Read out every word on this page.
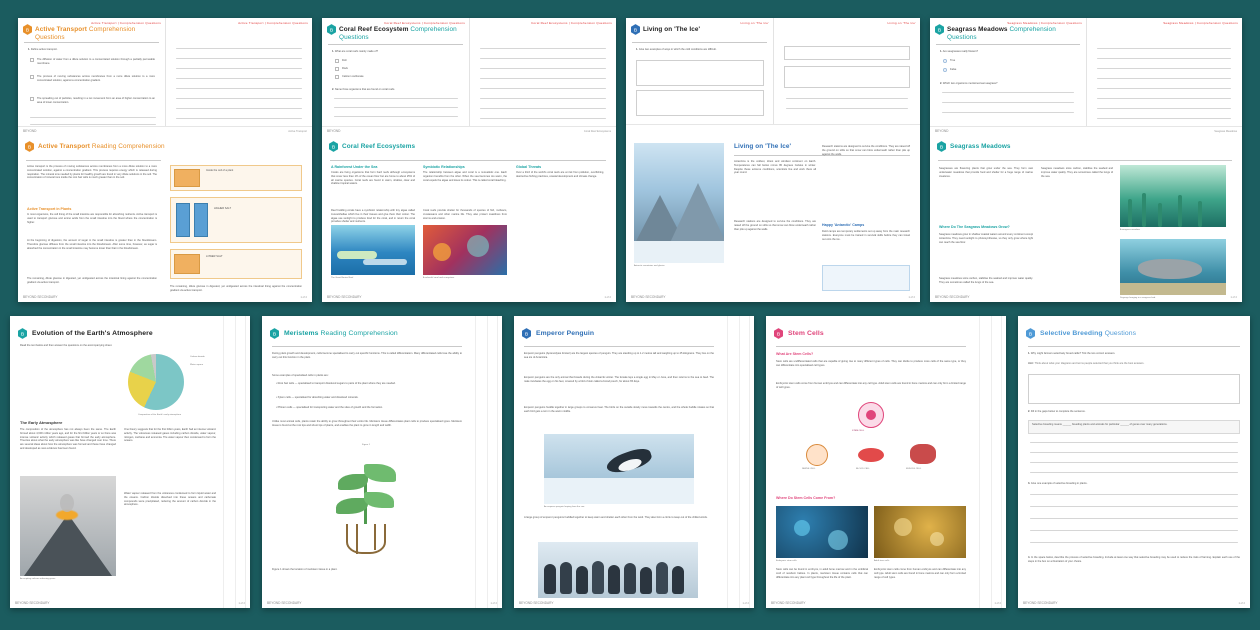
Active Transport | Comprehension Questions
B Active Transport Comprehension Questions
1. Define active transport.
The diffusion of water from a dilute solution to a concentrated solution through a partially permeable membrane.
The process of moving substances across membranes from a more dilute solution to a more concentrated solution, against a concentration gradient.
The spreading out of particles, resulting in a net movement from an area of higher concentration to an area of lower concentration.
Active Transport | Comprehension Questions
BEYOND	Active Transport
B Active Transport Reading Comprehension
Active transport is the process of moving substances across membranes from a more dilute solution to a more concentrated solution, against a concentration gradient. This process requires energy which is released during respiration. The mineral ions needed by plants for healthy growth are found in very dilute solutions in the soil. The concentration of mineral ions inside the root hair cells is much greater than in the soil.
Active Transport in Plants
In most organisms, the cell lining of the small intestine are responsible for absorbing nutrients. Active transport is used to transport glucose and amino acids from the small intestine into the blood where the concentration is higher.
At the beginning of digestion, the amount of sugar in the small intestine is greater than in the bloodstream. Therefore glucose diffuses from the small intestine into the bloodstream. After some time, however, as sugar is absorbed the concentration in the small intestine may become lower than that in the bloodstream.
The remaining, dilute glucose in digested, yet undigested across the intestinal lining against the concentration gradient via active transport.
Inside the cell of a plant
HIGHER SALT
LOWER SALT
The remaining, dilute glucose in digested, yet undigested across the intestinal lining against the concentration gradient via active transport.
BEYOND SECONDARY	1 of 2
Coral Reef Ecosystems | Comprehension Questions
B Coral Reef Ecosystem Comprehension Questions
1. What are coral reefs mainly made of?
Fish
Rock
Calcium carbonate
2. Name three organisms that are found on coral reefs.
Coral Reef Ecosystems | Comprehension Questions
BEYOND	Coral Reef Ecosystems
B Coral Reef Ecosystems
A Rainforest Under the Sea
Corals are living organisms that form hard reefs although ecosystems that cover less than 1% of the ocean floor but are home to about 25% of all marine species. Coral reefs are found in warm, shallow, clear and shallow tropical waters.
Reef building corals have a symbiotic relationship with tiny algae called zooxanthellae which live in their tissues and give them their colour. The algae use sunlight to produce food for the coral, and in return the coral provides shelter and nutrients.
Symbiotic Relationships
The relationship between algae and coral is a mutualistic one. Each organism benefits from the other. When the sea becomes too warm, the coral expels the algae and loses its colour. This is called coral bleaching.
Coral reefs provide shelter for thousands of species of fish, molluscs, crustaceans and other marine life. They also protect coastlines from storms and erosion.
Global Threats
Over a third of the world's coral reefs are at risk from pollution, overfishing, destructive fishing practices, coastal development and climate change.
The Great Barrier Reef	A colourful coral reef ecosystem.
BEYOND SECONDARY	1 of 2
Living on 'The Ice'
B Living on 'The Ice'
1. Give two examples of ways in which the cold conditions are difficult.
Living on 'The Ice'
Antarctic mountains and glacier.
Living on 'The Ice'
Antarctica is the coldest, driest and windiest continent on Earth. Temperatures can fall below minus 80 degrees Celsius in winter. Despite these extreme conditions, scientists live and work there all year round.
Research stations are designed to survive the conditions. They are raised off the ground on stilts so that snow can blow underneath rather than pile up against the walls.
Research stations are designed to survive the conditions. They are raised off the ground on stilts so that snow can blow underneath rather than pile up against the walls.
Happy 'Antarctic' Camps
Field camps are temporary settlements set up away from the main research stations. Everyone must be trained in survival skills before they can travel out onto the ice.
BEYOND SECONDARY	1 of 2
Seagrass Meadows | Comprehension Questions
B Seagrass Meadows Comprehension Questions
1. Are seagrasses really flowers?
True
False
2. Which two organisms mentioned eat seagrass?
Seagrass Meadows | Comprehension Questions
BEYOND	Seagrass Meadows
B Seagrass Meadows
Seagrasses are flowering plants that grow under the sea. They form vast underwater meadows that provide food and shelter for a huge range of marine creatures.
Where Do The Seagrass Meadows Grow?
Seagrass meadows grow in shallow coastal waters around every continent except Antarctica. They need sunlight to photosynthesise, so they only grow where light can reach the sea floor.
Seagrass meadows store carbon, stabilise the seabed and improve water quality. They are sometimes called the lungs of the sea.
Seagrass meadows store carbon, stabilise the seabed and improve water quality. They are sometimes called the lungs of the sea.
A seagrass meadow.
Dugongs foraging in a seagrass bed.
BEYOND SECONDARY	1 of 2
B Evolution of the Earth's Atmosphere
Read the text below and then answer the questions on the accompanying sheet.
Carbon dioxide
Water vapour
Composition of the Earth's early atmosphere
The Early Atmosphere
The composition of the atmosphere has not always been the same. The Earth formed about 4,600 million years ago, and for the first billion years or so there was intense volcanic activity which released gases that formed the early atmosphere. Theories about what the early atmosphere was like have changed over time. There are several ideas about how the atmosphere was formed and these have changed and developed as new evidence has been found.
One theory suggests that for the first billion years, Earth had an intense volcanic activity. The volcanoes released gases including carbon dioxide, water vapour, nitrogen, methane and ammonia. The water vapour then condensed to form the oceans.
Water vapour released from the volcanoes condensed to form liquid water and the oceans. Carbon dioxide dissolved into these oceans and carbonate compounds were precipitated, reducing the amount of carbon dioxide in the atmosphere.
An erupting volcano releasing gases.
BEYOND SECONDARY	1 of 2
B Meristems Reading Comprehension
During plant growth and development, cells become specialised to carry out specific functions. This is called differentiation. Many differentiated cells lose the ability to carry out this function in the plant.
Some examples of specialised cells in plants are:
• Root hair cells — specialised to transport dissolved sugars to parts of the plant where they are needed.
• Xylem cells — specialised for absorbing water and dissolved minerals.
• Phloem cells — specialised for transporting water and the sites of growth and the formation.
Unlike most animal cells, plants retain the ability to grow throughout their entire life. Meristem tissue differentiates plant cells to produce specialised types. Meristem tissue is found at the root tips and shoot tips of plants, and enables the plant to grow in length and width.
Figure 1
Figure 1 shows the location of meristem tissue in a plant.
BEYOND SECONDARY	1 of 2
B Emperor Penguin
Emperor penguins (Aptenodytes forsteri) are the largest species of penguin. They are standing up to 1.2 metres tall and weighing up to 45 kilograms. They live on the sea ice of Antarctica.
Emperor penguins are the only animal that breeds during the Antarctic winter. The female lays a single egg in May or June, and then returns to the sea to feed. The male incubates the egg on his feet, covered by a fold of skin called a brood pouch, for about 65 days.
Emperor penguins huddle together in large groups to conserve heat. The birds on the outside slowly move towards the centre, and the whole huddle rotates so that each bird gets a turn in the warm middle.
An emperor penguin leaping from the sea.
A large group of emperor penguins huddled together to keep warm and shelter each other from the wind. They also form a circle to keep out of the chilled winds.
BEYOND SECONDARY	1 of 2
B Stem Cells
What Are Stem Cells?
Stem cells are undifferentiated cells that are capable of giving rise to many different types of cells. They can divide to produce more cells of the same type, or they can differentiate into specialised cell types.
Embryonic stem cells come from human embryos and can differentiate into any cell type. Adult stem cells are found in bone marrow and can only form a limited range of cell types.
STEM CELL
NERVE CELL	BLOOD CELL	MUSCLE CELL
Where Do Stem Cells Come From?
Embryonic stem cells	Adult stem cells
Stem cells can be found in embryos, in adult bone marrow and in the umbilical cord of newborn babies. In plants, meristem tissue contains cells that can differentiate into any plant cell type throughout the life of the plant.
Embryonic stem cells come from human embryos and can differentiate into any cell type. Adult stem cells are found in bone marrow and can only form a limited range of cell types.
BEYOND SECONDARY	1 of 2
B Selective Breeding Questions
1. Why might farmers selectively breed cattle? Tick the two correct answers.
Hint: Think about what your diagrams and terms people selected that you think are the best answers.
2. Fill in the gaps below to complete the sentence.
Selective breeding means ______ breeding plants and animals for particular ______ of genes over many generations.
3. Give one example of selective breeding in plants.
4. In the space below, describe the process of selective breeding. Include at least one way that selective breeding may be used to reduce the risks of farming. Explain each use of the steps in the box on a illustration of your choice.
BEYOND SECONDARY	1 of 2
